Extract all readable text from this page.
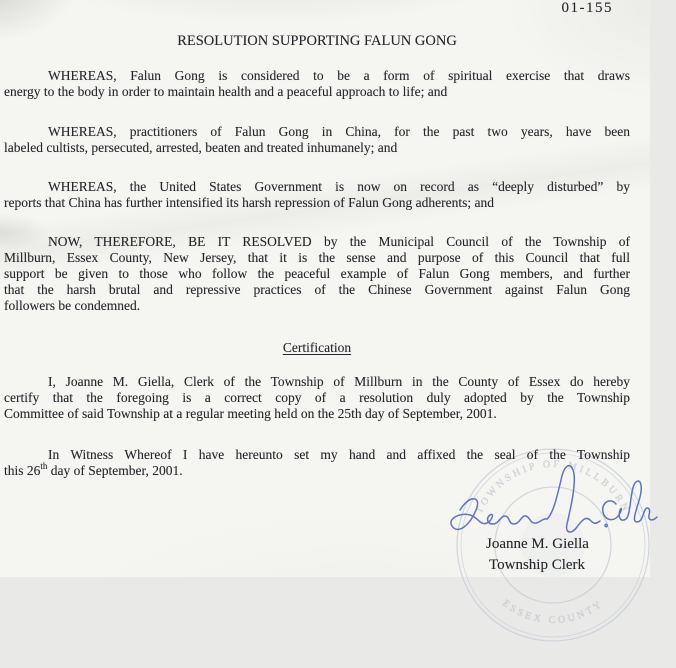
TOWNSHIP OF MILLBURN
ESSEX COUNTY
01-155
RESOLUTION SUPPORTING FALUN GONG
WHEREAS, Falun Gong is considered to be a form of spiritual exercise that draws
energy to the body in order to maintain health and a peaceful approach to life; and
WHEREAS, practitioners of Falun Gong in China, for the past two years, have been
labeled cultists, persecuted, arrested, beaten and treated inhumanely; and
WHEREAS, the United States Government is now on record as “deeply disturbed” by
reports that China has further intensified its harsh repression of Falun Gong adherents; and
NOW, THEREFORE, BE IT RESOLVED by the Municipal Council of the Township of
Millburn, Essex County, New Jersey, that it is the sense and purpose of this Council that full
support be given to those who follow the peaceful example of Falun Gong members, and further
that the harsh brutal and repressive practices of the Chinese Government against Falun Gong
followers be condemned.
Certification
I, Joanne M. Giella, Clerk of the Township of Millburn in the County of Essex do hereby
certify that the foregoing is a correct copy of a resolution duly adopted by the Township
Committee of said Township at a regular meeting held on the 25th day of September, 2001.
In Witness Whereof I have hereunto set my hand and affixed the seal of the Township
this 26th day of September, 2001.
Joanne M. Giella
Township Clerk
